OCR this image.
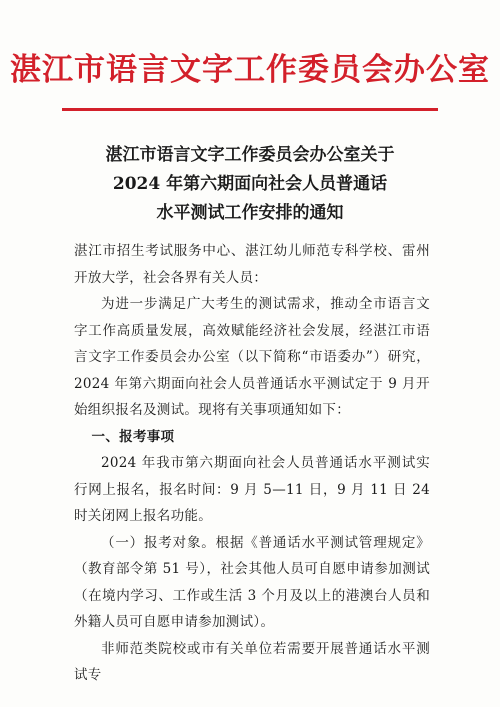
湛江市语言文字工作委员会办公室
湛江市语言文字工作委员会办公室关于
2024 年第六期面向社会人员普通话
水平测试工作安排的通知

湛江市招生考试服务中心、湛江幼儿师范专科学校、雷州开放大学，社会各界有关人员：

为进一步满足广大考生的测试需求，推动全市语言文字工作高质量发展，高效赋能经济社会发展，经湛江市语言文字工作委员会办公室（以下简称“市语委办”）研究，2024 年第六期面向社会人员普通话水平测试定于 9 月开始组织报名及测试。现将有关事项通知如下：

一、报考事项

2024 年我市第六期面向社会人员普通话水平测试实行网上报名，报名时间：9 月 5—11 日，9 月 11 日 24 时关闭网上报名功能。

（一）报考对象。根据《普通话水平测试管理规定》（教育部令第 51 号），社会其他人员可自愿申请参加测试（在境内学习、工作或生活 3 个月及以上的港澳台人员和外籍人员可自愿申请参加测试）。

非师范类院校或市有关单位若需要开展普通话水平测试专
